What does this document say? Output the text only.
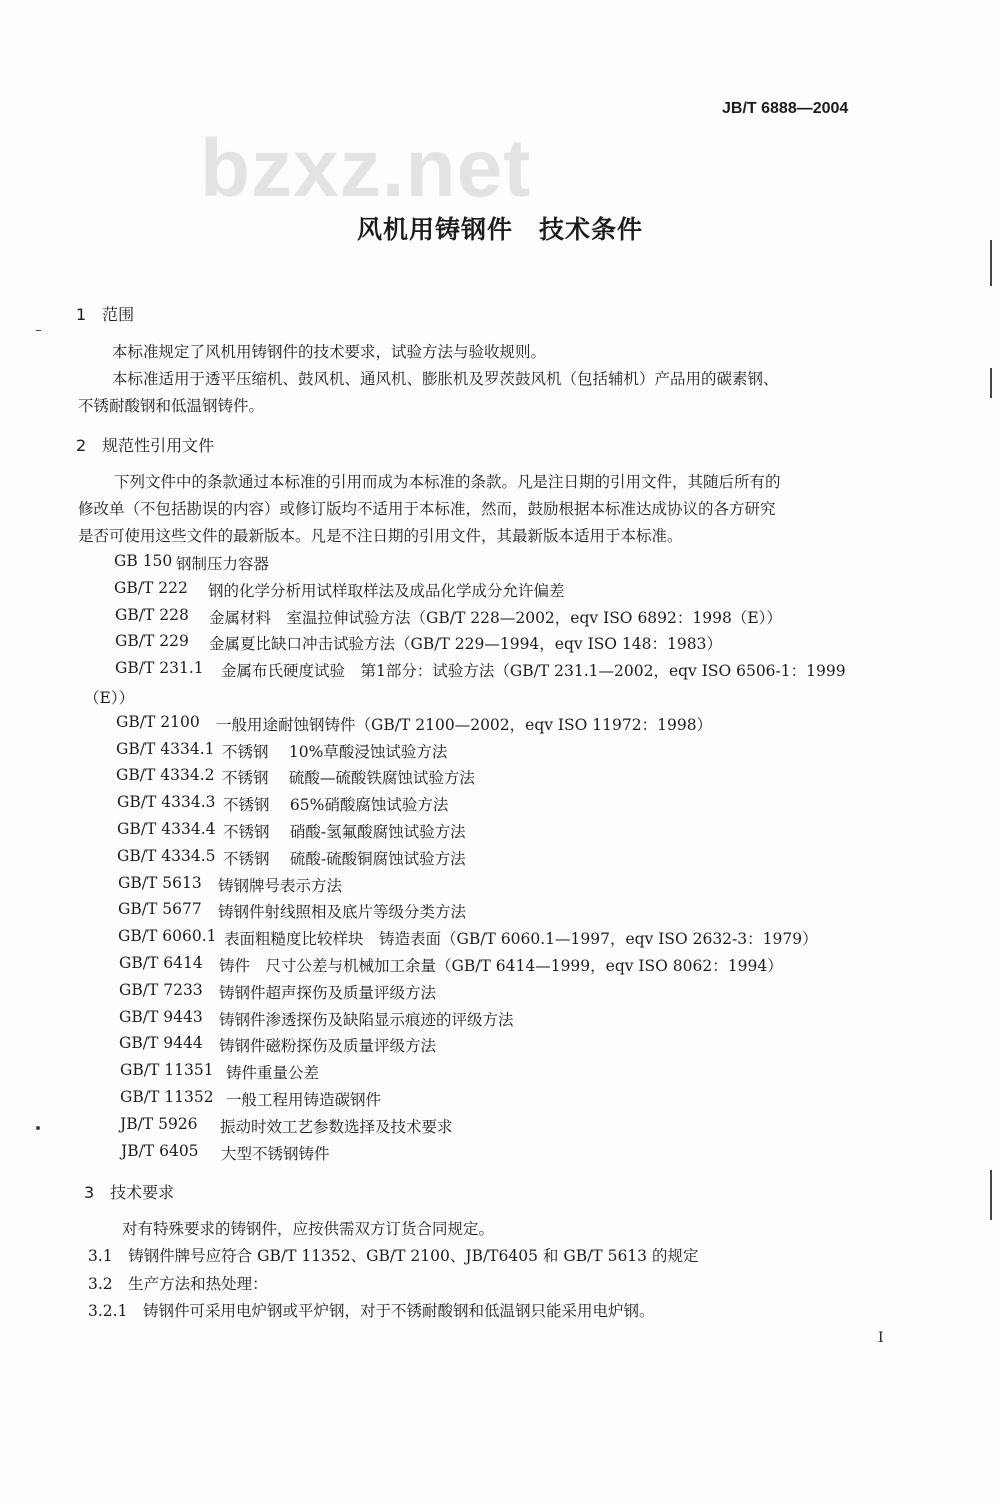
JB/T 6888—2004
bzxz.net
风机用铸钢件　技术条件
1　范围
本标准规定了风机用铸钢件的技术要求，试验方法与验收规则。
本标准适用于透平压缩机、鼓风机、通风机、膨胀机及罗茨鼓风机（包括辅机）产品用的碳素钢、
不锈耐酸钢和低温钢铸件。
2　规范性引用文件
下列文件中的条款通过本标准的引用而成为本标准的条款。凡是注日期的引用文件，其随后所有的
修改单（不包括勘误的内容）或修订版均不适用于本标准，然而，鼓励根据本标准达成协议的各方研究
是否可使用这些文件的最新版本。凡是不注日期的引用文件，其最新版本适用于本标准。
GB 150 钢制压力容器
GB/T 222 钢的化学分析用试样取样法及成品化学成分允许偏差
GB/T 228 金属材料　室温拉伸试验方法（GB/T 228—2002，eqv ISO 6892：1998（E））
GB/T 229 金属夏比缺口冲击试验方法（GB/T 229—1994，eqv ISO 148：1983）
GB/T 231.1 金属布氏硬度试验　第1部分：试验方法（GB/T 231.1—2002，eqv ISO 6506-1：1999
（E））
GB/T 2100 一般用途耐蚀钢铸件（GB/T 2100—2002，eqv ISO 11972：1998）
GB/T 4334.1 不锈钢　 10%草酸浸蚀试验方法
GB/T 4334.2 不锈钢　 硫酸—硫酸铁腐蚀试验方法
GB/T 4334.3 不锈钢　 65%硝酸腐蚀试验方法
GB/T 4334.4 不锈钢　 硝酸-氢氟酸腐蚀试验方法
GB/T 4334.5 不锈钢　 硫酸-硫酸铜腐蚀试验方法
GB/T 5613 铸钢牌号表示方法
GB/T 5677 铸钢件射线照相及底片等级分类方法
GB/T 6060.1 表面粗糙度比较样块　铸造表面（GB/T 6060.1—1997，eqv ISO 2632-3：1979）
GB/T 6414 铸件　尺寸公差与机械加工余量（GB/T 6414—1999，eqv ISO 8062：1994）
GB/T 7233 铸钢件超声探伤及质量评级方法
GB/T 9443 铸钢件渗透探伤及缺陷显示痕迹的评级方法
GB/T 9444 铸钢件磁粉探伤及质量评级方法
GB/T 11351 铸件重量公差
GB/T 11352 一般工程用铸造碳钢件
JB/T 5926 振动时效工艺参数选择及技术要求
JB/T 6405 大型不锈钢铸件
3　技术要求
对有特殊要求的铸钢件，应按供需双方订货合同规定。
3.1　铸钢件牌号应符合 GB/T 11352、GB/T 2100、JB/T6405 和 GB/T 5613 的规定
3.2　生产方法和热处理：
3.2.1　铸钢件可采用电炉钢或平炉钢，对于不锈耐酸钢和低温钢只能采用电炉钢。
I
